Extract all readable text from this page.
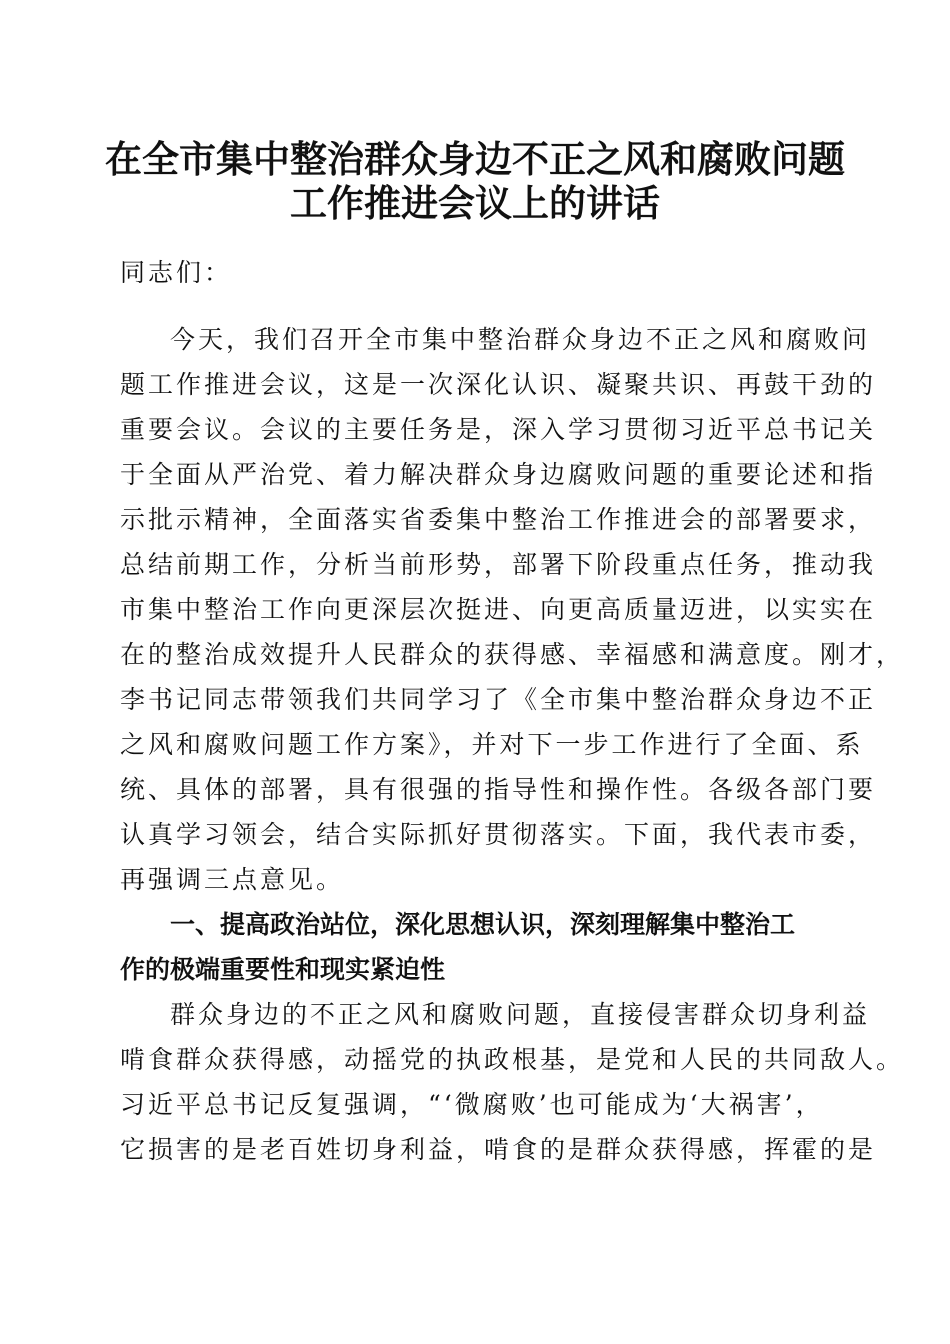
在全市集中整治群众身边不正之风和腐败问题
工作推进会议上的讲话
同志们：
今天，我们召开全市集中整治群众身边不正之风和腐败问
题工作推进会议，这是一次深化认识、凝聚共识、再鼓干劲的
重要会议。会议的主要任务是，深入学习贯彻习近平总书记关
于全面从严治党、着力解决群众身边腐败问题的重要论述和指
示批示精神，全面落实省委集中整治工作推进会的部署要求，
总结前期工作，分析当前形势，部署下阶段重点任务，推动我
市集中整治工作向更深层次挺进、向更高质量迈进，以实实在
在的整治成效提升人民群众的获得感、幸福感和满意度。刚才，
李书记同志带领我们共同学习了《全市集中整治群众身边不正
之风和腐败问题工作方案》，并对下一步工作进行了全面、系
统、具体的部署，具有很强的指导性和操作性。各级各部门要
认真学习领会，结合实际抓好贯彻落实。下面，我代表市委，
再强调三点意见。
一、提高政治站位，深化思想认识，深刻理解集中整治工
作的极端重要性和现实紧迫性
群众身边的不正之风和腐败问题，直接侵害群众切身利益
啃食群众获得感，动摇党的执政根基，是党和人民的共同敌人。
习近平总书记反复强调，“‘微腐败’也可能成为‘大祸害’，
它损害的是老百姓切身利益，啃食的是群众获得感，挥霍的是
